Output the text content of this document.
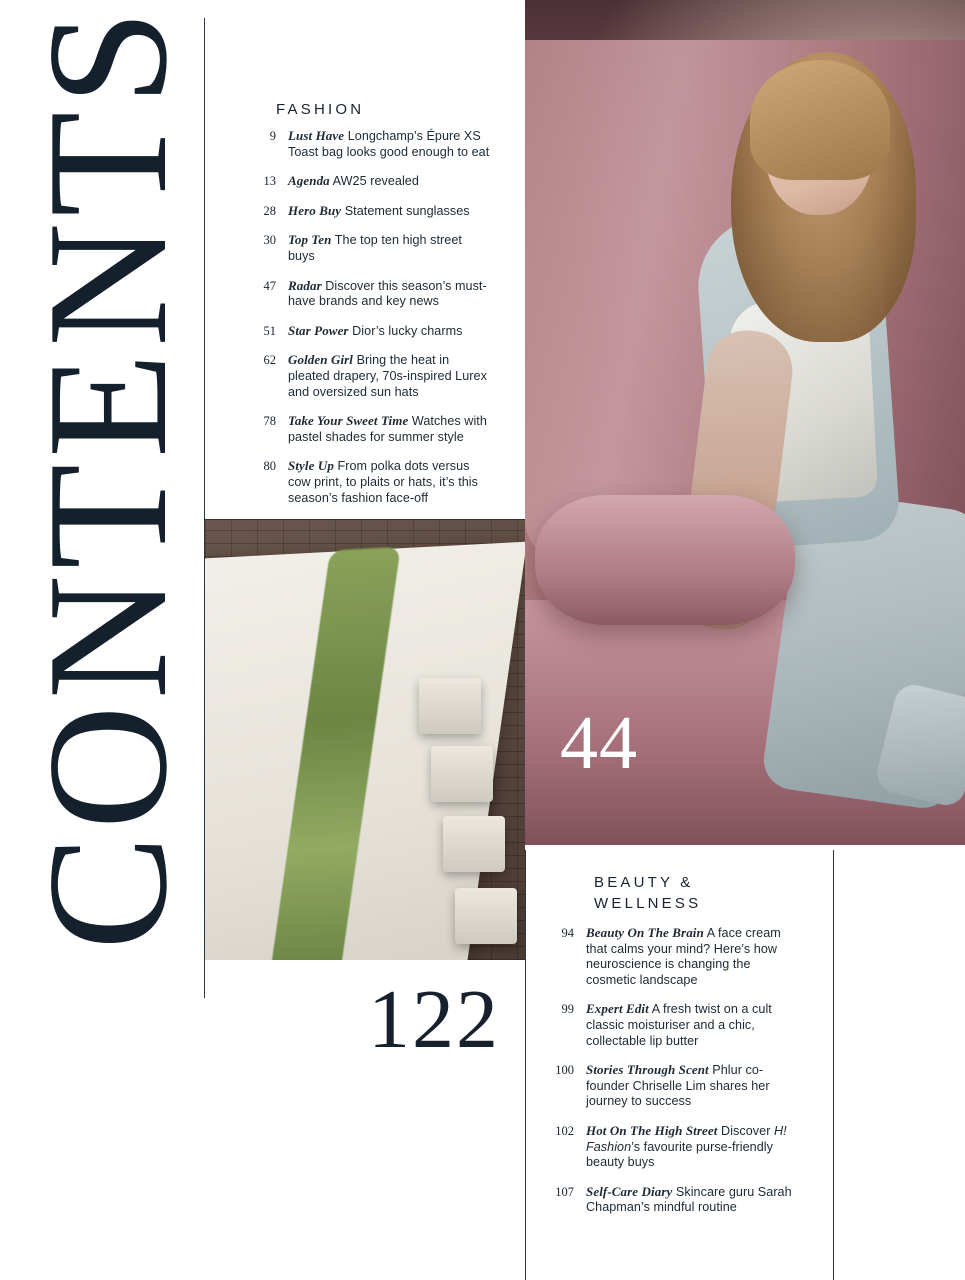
CONTENTS	FASHION
9 Lust Have Longchamp’s Épure XS Toast bag looks good enough to eat
13 Agenda AW25 revealed
28 Hero Buy Statement sunglasses
30 Top Ten The top ten high street buys
47 Radar Discover this season’s must-have brands and key news
51 Star Power Dior’s lucky charms
62 Golden Girl Bring the heat in pleated drapery, 70s-inspired Lurex and oversized sun hats
78 Take Your Sweet Time Watches with pastel shades for summer style
80 Style Up From polka dots versus cow print, to plaits or hats, it’s this season’s fashion face-off
44
122
BEAUTY &
WELLNESS
94 Beauty On The Brain A face cream that calms your mind? Here’s how neuroscience is changing the cosmetic landscape
99 Expert Edit A fresh twist on a cult classic moisturiser and a chic, collectable lip butter
100 Stories Through Scent Phlur co-founder Chriselle Lim shares her journey to success
102 Hot On The High Street Discover H! Fashion’s favourite purse-friendly beauty buys
107 Self-Care Diary Skincare guru Sarah Chapman’s mindful routine
